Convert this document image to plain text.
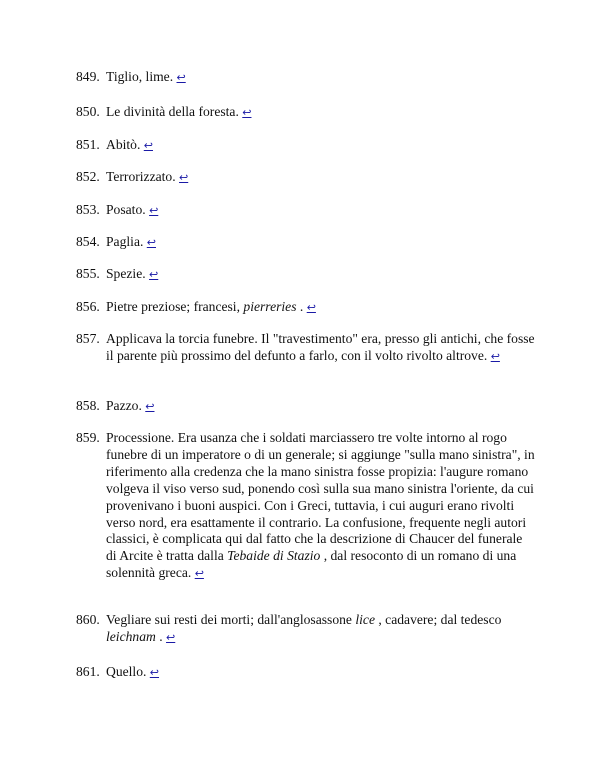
849. Tiglio, lime. ↩
850. Le divinità della foresta. ↩
851. Abitò. ↩
852. Terrorizzato. ↩
853. Posato. ↩
854. Paglia. ↩
855. Spezie. ↩
856. Pietre preziose; francesi, pierreries . ↩
857. Applicava la torcia funebre. Il "travestimento" era, presso gli antichi, che fosse il parente più prossimo del defunto a farlo, con il volto rivolto altrove. ↩
858. Pazzo. ↩
859. Processione. Era usanza che i soldati marciassero tre volte intorno al rogo funebre di un imperatore o di un generale; si aggiunge "sulla mano sinistra", in riferimento alla credenza che la mano sinistra fosse propizia: l'augure romano volgeva il viso verso sud, ponendo così sulla sua mano sinistra l'oriente, da cui provenivano i buoni auspici. Con i Greci, tuttavia, i cui auguri erano rivolti verso nord, era esattamente il contrario. La confusione, frequente negli autori classici, è complicata qui dal fatto che la descrizione di Chaucer del funerale di Arcite è tratta dalla Tebaide di Stazio , dal resoconto di un romano di una solennità greca. ↩
860. Vegliare sui resti dei morti; dall'anglosassone lice , cadavere; dal tedesco leichnam . ↩
861. Quello. ↩
